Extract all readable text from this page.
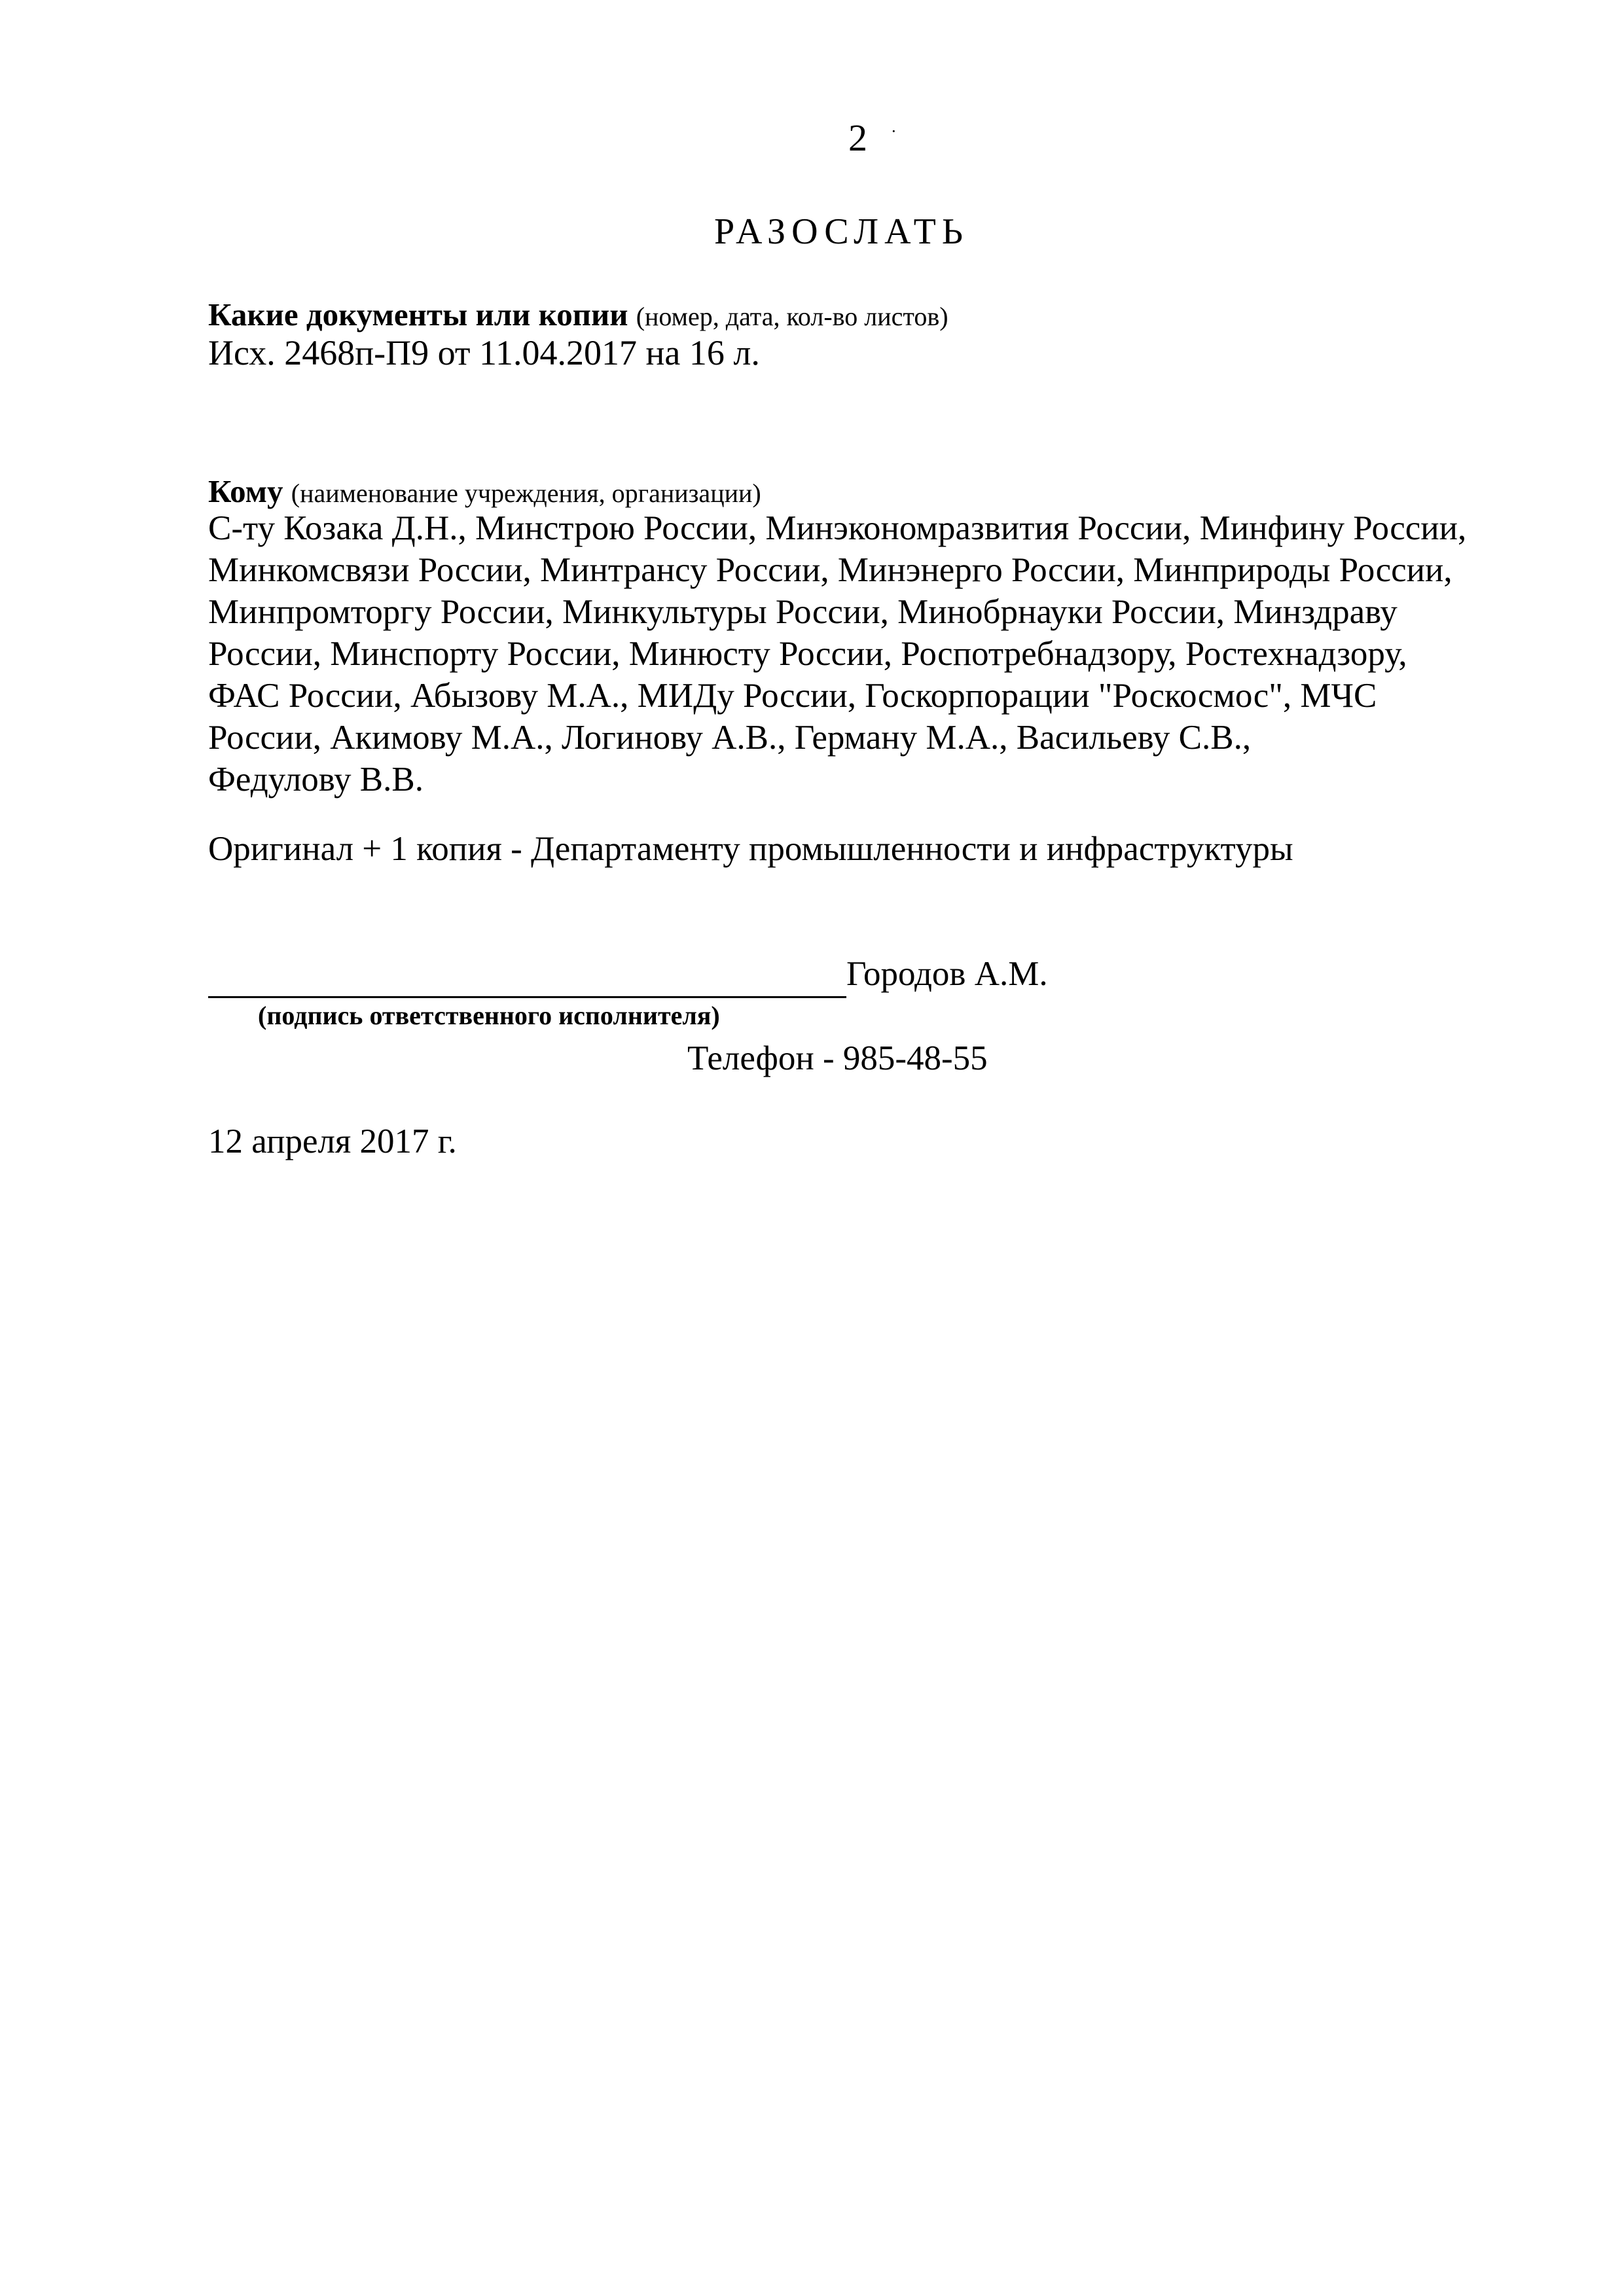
2 ·
РАЗОСЛАТЬ
Какие документы или копии (номер, дата, кол-во листов)
Исх. 2468п-П9 от 11.04.2017 на 16 л.
Кому (наименование учреждения, организации)
С-ту Козака Д.Н., Минстрою России, Минэкономразвития России, Минфину России,
Минкомсвязи России, Минтрансу России, Минэнерго России, Минприроды России,
Минпромторгу России, Минкультуры России, Минобрнауки России, Минздраву
России, Минспорту России, Минюсту России, Роспотребнадзору, Ростехнадзору,
ФАС России, Абызову М.А., МИДу России, Госкорпорации "Роскосмос", МЧС
России, Акимову М.А., Логинову А.В., Герману М.А., Васильеву С.В.,
Федулову В.В.
Оригинал + 1 копия - Департаменту промышленности и инфраструктуры
Городов А.М.
(подпись ответственного исполнителя)
Телефон - 985-48-55
12 апреля 2017 г.
